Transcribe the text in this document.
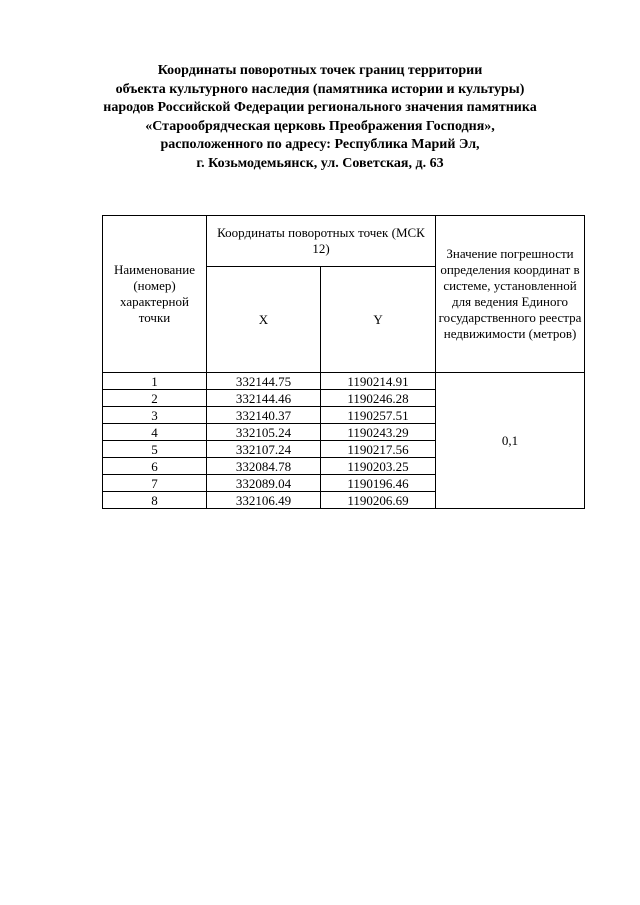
Координаты поворотных точек границ территории
объекта культурного наследия (памятника истории и культуры)
народов Российской Федерации регионального значения памятника
«Старообрядческая церковь Преображения Господня»,
расположенного по адресу: Республика Марий Эл,
г. Козьмодемьянск, ул. Советская, д. 63
Наименование (номер) характерной точки	Координаты поворотных точек (МСК 12)		Значение погрешности определения координат в системе, установленной для ведения Единого государственного реестра недвижимости (метров)
	X	Y	
1	332144.75	1190214.91	0,1
2	332144.46	1190246.28	
3	332140.37	1190257.51	
4	332105.24	1190243.29	
5	332107.24	1190217.56	
6	332084.78	1190203.25	
7	332089.04	1190196.46	
8	332106.49	1190206.69	
